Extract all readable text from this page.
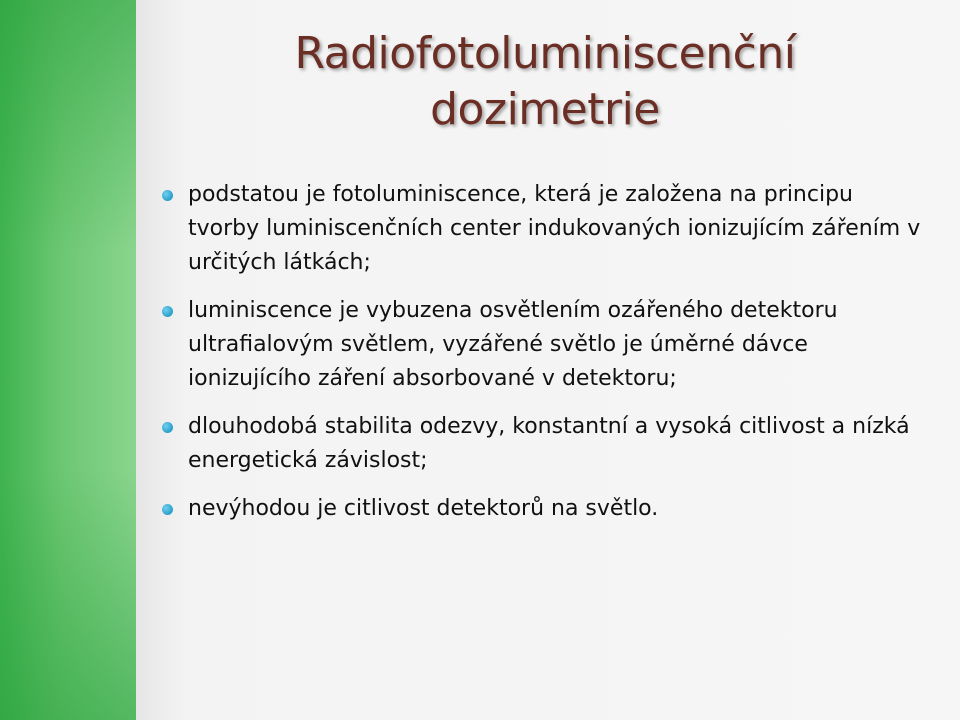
Radiofotoluminiscenční
dozimetrie
podstatou je fotoluminiscence, která je založena na principu tvorby luminiscenčních center indukovaných ionizujícím zářením v určitých látkách;
luminiscence je vybuzena osvětlením ozářeného detektoru ultrafialovým světlem, vyzářené světlo je úměrné dávce ionizujícího záření absorbované v detektoru;
dlouhodobá stabilita odezvy, konstantní a vysoká citlivost a nízká energetická závislost;
nevýhodou je citlivost detektorů na světlo.
